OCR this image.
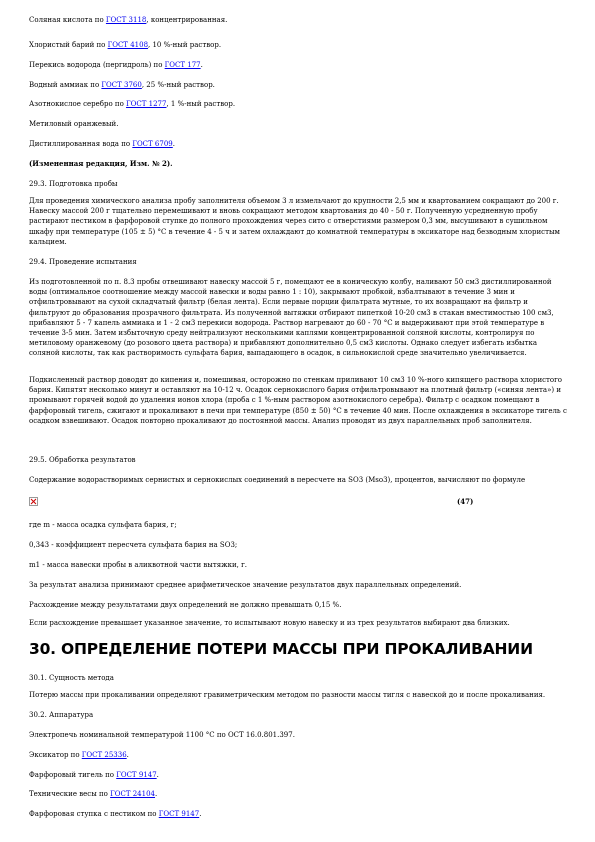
Соляная кислота по ГОСТ 3118, концентрированная.

Хлористый барий по ГОСТ 4108, 10 %-ный раствор.

Перекись водорода (пергидроль) по ГОСТ 177.

Водный аммиак по ГОСТ 3760, 25 %-ный раствор.

Азотнокислое серебро по ГОСТ 1277, 1 %-ный раствор.

Метиловый оранжевый.

Дистиллированная вода по ГОСТ 6709.

(Измененная редакция, Изм. № 2).

29.3. Подготовка пробы

Для проведения химического анализа пробу заполнителя объемом 3 л измельчают до крупности 2,5 мм и квартованием сокращают до 200 г. Навеску массой 200 г тщательно перемешивают и вновь сокращают методом квартования до 40 - 50 г. Полученную усредненную пробу растирают пестиком в фарфоровой ступке до полного прохождения через сито с отверстиями размером 0,3 мм, высушивают в сушильном шкафу при температуре (105 ± 5) °С в течение 4 - 5 ч и затем охлаждают до комнатной температуры в эксикаторе над безводным хлористым кальцием.

29.4. Проведение испытания

Из подготовленной по п. 8.3 пробы отвешивают навеску массой 5 г, помещают ее в коническую колбу, наливают 50 см3 дистиллированной воды (оптимальное соотношение между массой навески и воды равно 1 : 10), закрывают пробкой, взбалтывают в течение 3 мин и отфильтровывают на сухой складчатый фильтр (белая лента). Если первые порции фильтрата мутные, то их возвращают на фильтр и фильтруют до образования прозрачного фильтрата. Из полученной вытяжки отбирают пипеткой 10-20 см3 в стакан вместимостью 100 см3, прибавляют 5 - 7 капель аммиака и 1 - 2 см3 перекиси водорода. Раствор нагревают до 60 - 70 °С и выдерживают при этой температуре в течение 3-5 мин. Затем избыточную среду нейтрализуют несколькими каплями концентрированной соляной кислоты, контролируя по метиловому оранжевому (до розового цвета раствора) и прибавляют дополнительно 0,5 см3 кислоты. Однако следует избегать избытка соляной кислоты, так как растворимость сульфата бария, выпадающего в осадок, в сильнокислой среде значительно увеличивается.

Подкисленный раствор доводят до кипения и, помешивая, осторожно по стенкам приливают 10 см3 10 %-ного кипящего раствора хлористого бария. Кипятят несколько минут и оставляют на 10-12 ч. Осадок сернокислого бария отфильтровывают на плотный фильтр («синяя лента») и промывают горячей водой до удаления ионов хлора (проба с 1 %-ным раствором азотнокислого серебра). Фильтр с осадком помещают в фарфоровый тигель, сжигают и прокаливают в печи при температуре (850 ± 50) °С в течение 40 мин. После охлаждения в эксикаторе тигель с осадком взвешивают. Осадок повторно прокаливают до постоянной массы. Анализ проводят из двух параллельных проб заполнителя.

29.5. Обработка результатов

Содержание водорастворимых сернистых и сернокислых соединений в пересчете на SO3 (Мso3), процентов, вычисляют по формуле

(47)

где m - масса осадка сульфата бария, г;

0,343 - коэффициент пересчета сульфата бария на SO3;

m1 - масса навески пробы в аликвотной части вытяжки, г.

За результат анализа принимают среднее арифметическое значение результатов двух параллельных определений.

Расхождение между результатами двух определений не должно превышать 0,15 %.

Если расхождение превышает указанное значение, то испытывают новую навеску и из трех результатов выбирают два близких.

30. ОПРЕДЕЛЕНИЕ ПОТЕРИ МАССЫ ПРИ ПРОКАЛИВАНИИ

30.1. Сущность метода

Потерю массы при прокаливании определяют гравиметрическим методом по разности массы тигля с навеской до и после прокаливания.

30.2. Аппаратура

Электропечь номинальной температурой 1100 °С по ОСТ 16.0.801.397.

Эксикатор по ГОСТ 25336.

Фарфоровый тигель по ГОСТ 9147.

Технические весы по ГОСТ 24104.

Фарфоровая ступка с пестиком по ГОСТ 9147.
